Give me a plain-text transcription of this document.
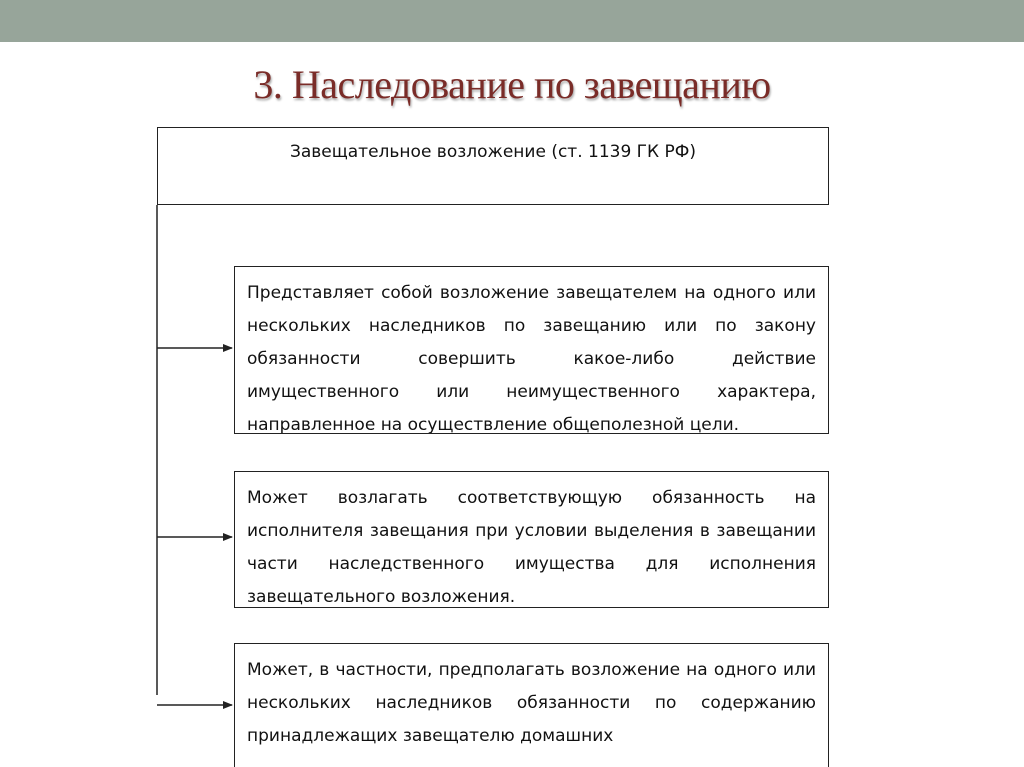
3. Наследование по завещанию
Завещательное возложение (ст. 1139 ГК РФ)

Представляет собой возложение завещателем на одного или нескольких наследников по завещанию или по закону обязанности совершить какое-либо действие имущественного или неимущественного характера, направленное на осуществление общеполезной цели.

Может возлагать соответствующую обязанность на исполнителя завещания при условии выделения в завещании части наследственного имущества для исполнения завещательного возложения.

Может, в частности, предполагать возложение на одного или нескольких наследников обязанности по содержанию принадлежащих завещателю домашних
